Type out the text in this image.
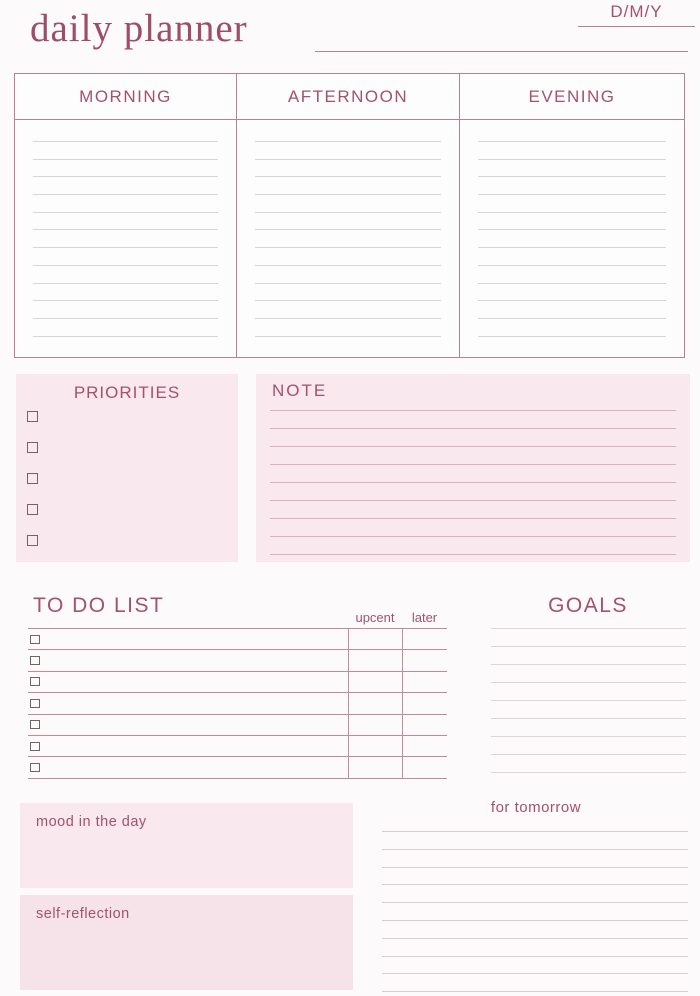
daily planner	D/M/Y
MORNING	AFTERNOON	EVENING
PRIORITIES	NOTE
TO DO LIST
upcent	later
GOALS
mood in the day
self-reflection
for tomorrow
